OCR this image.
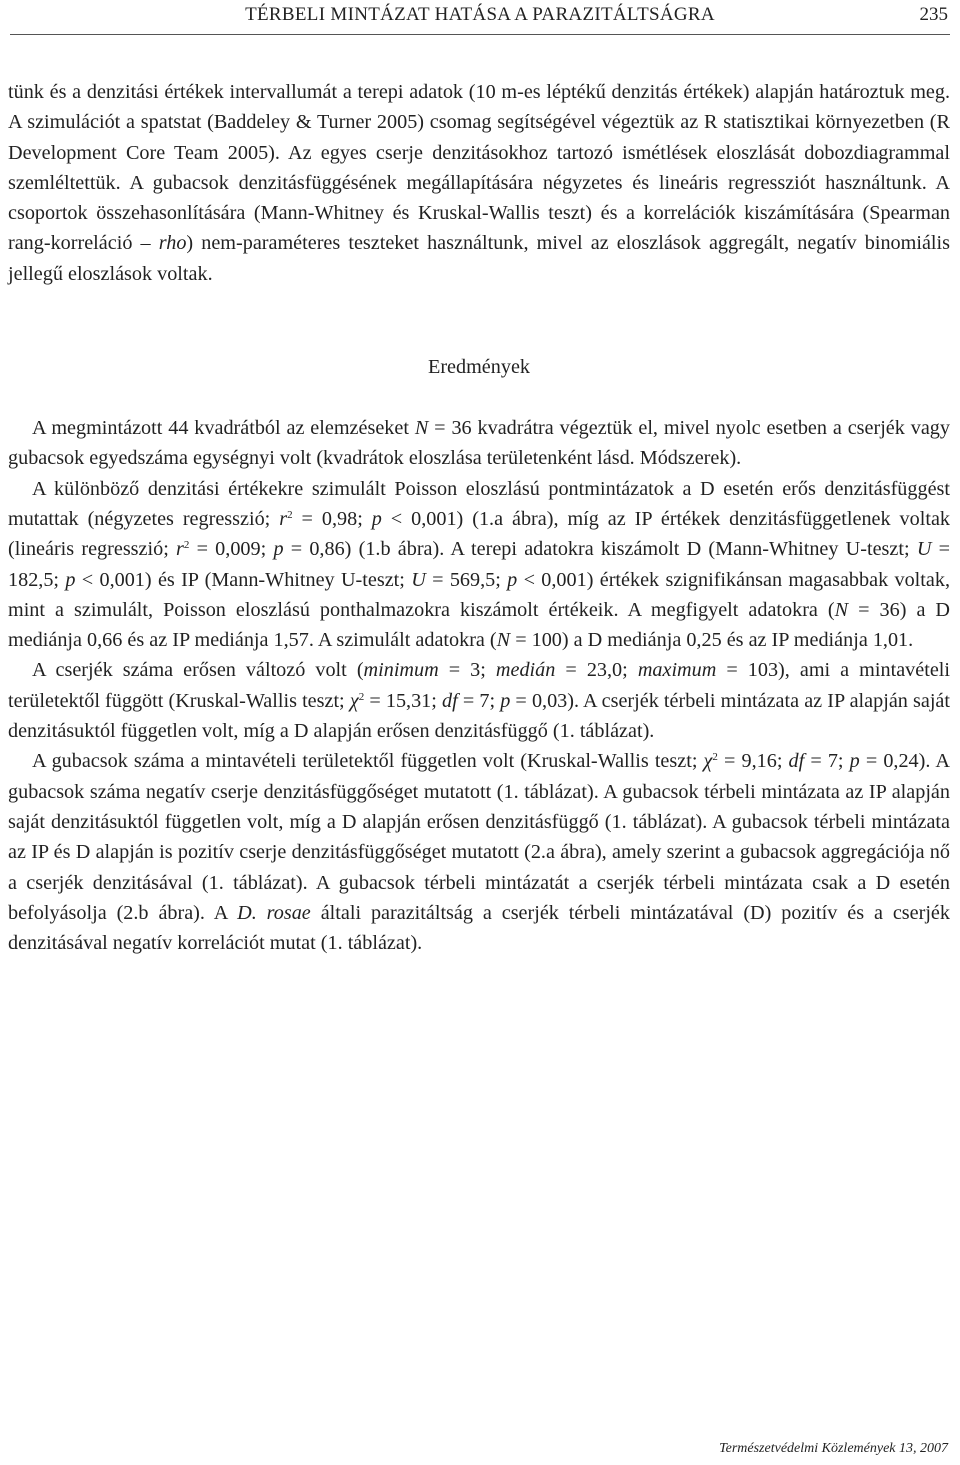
TÉRBELI MINTÁZAT HATÁSA A PARAZITÁLTSÁGRA	235

tünk és a denzitási értékek intervallumát a terepi adatok (10 m-es léptékű denzitás értékek) alapján határoztuk meg. A szimulációt a spatstat (Baddeley & Turner 2005) csomag segítségével végeztük az R statisztikai környezetben (R Development Core Team 2005). Az egyes cserje denzitásokhoz tartozó ismétlések eloszlását dobozdiagrammal szemléltettük. A gubacsok denzitásfüggésének megállapítására négyzetes és lineáris regressziót használtunk. A csoportok összehasonlítására (Mann-Whitney és Kruskal-Wallis teszt) és a korrelációk kiszámítására (Spearman rang-korreláció – rho) nem-paraméteres teszteket használtunk, mivel az eloszlások aggregált, negatív binomiális jellegű eloszlások voltak.

Eredmények

A megmintázott 44 kvadrátból az elemzéseket N = 36 kvadrátra végeztük el, mivel nyolc esetben a cserjék vagy gubacsok egyedszáma egységnyi volt (kvadrátok eloszlása területenként lásd. Módszerek).

A különböző denzitási értékekre szimulált Poisson eloszlású pontmintázatok a D esetén erős denzitásfüggést mutattak (négyzetes regresszió; $r^2 = 0,98$; p < 0,001) (1.a ábra), míg az IP értékek denzitásfüggetlenek voltak (lineáris regresszió; $r^2 = 0,009$; p = 0,86) (1.b ábra). A terepi adatokra kiszámolt D (Mann-Whitney U-teszt; U = 182,5; p < 0,001) és IP (Mann-Whitney U-teszt; U = 569,5; p < 0,001) értékek szignifikánsan magasabbak voltak, mint a szimulált, Poisson eloszlású ponthalmazokra kiszámolt értékeik. A megfigyelt adatokra (N = 36) a D mediánja 0,66 és az IP mediánja 1,57. A szimulált adatokra (N = 100) a D mediánja 0,25 és az IP mediánja 1,01.

A cserjék száma erősen változó volt (minimum = 3; medián = 23,0; maximum = 103), ami a mintavételi területektől függött (Kruskal-Wallis teszt; $\chi^2 = 15,31$; df = 7; p = 0,03). A cserjék térbeli mintázata az IP alapján saját denzitásuktól független volt, míg a D alapján erősen denzitásfüggő (1. táblázat).

A gubacsok száma a mintavételi területektől független volt (Kruskal-Wallis teszt; $\chi^2 = 9,16$; df = 7; p = 0,24). A gubacsok száma negatív cserje denzitásfüggőséget mutatott (1. táblázat). A gubacsok térbeli mintázata az IP alapján saját denzitásuktól független volt, míg a D alapján erősen denzitásfüggő (1. táblázat). A gubacsok térbeli mintázata az IP és D alapján is pozitív cserje denzitásfüggőséget mutatott (2.a ábra), amely szerint a gubacsok aggregációja nő a cserjék denzitásával (1. táblázat). A gubacsok térbeli mintázatát a cserjék térbeli mintázata csak a D esetén befolyásolja (2.b ábra). A D. rosae általi parazitáltság a cserjék térbeli mintázatával (D) pozitív és a cserjék denzitásával negatív korrelációt mutat (1. táblázat).

Természetvédelmi Közlemények 13, 2007
